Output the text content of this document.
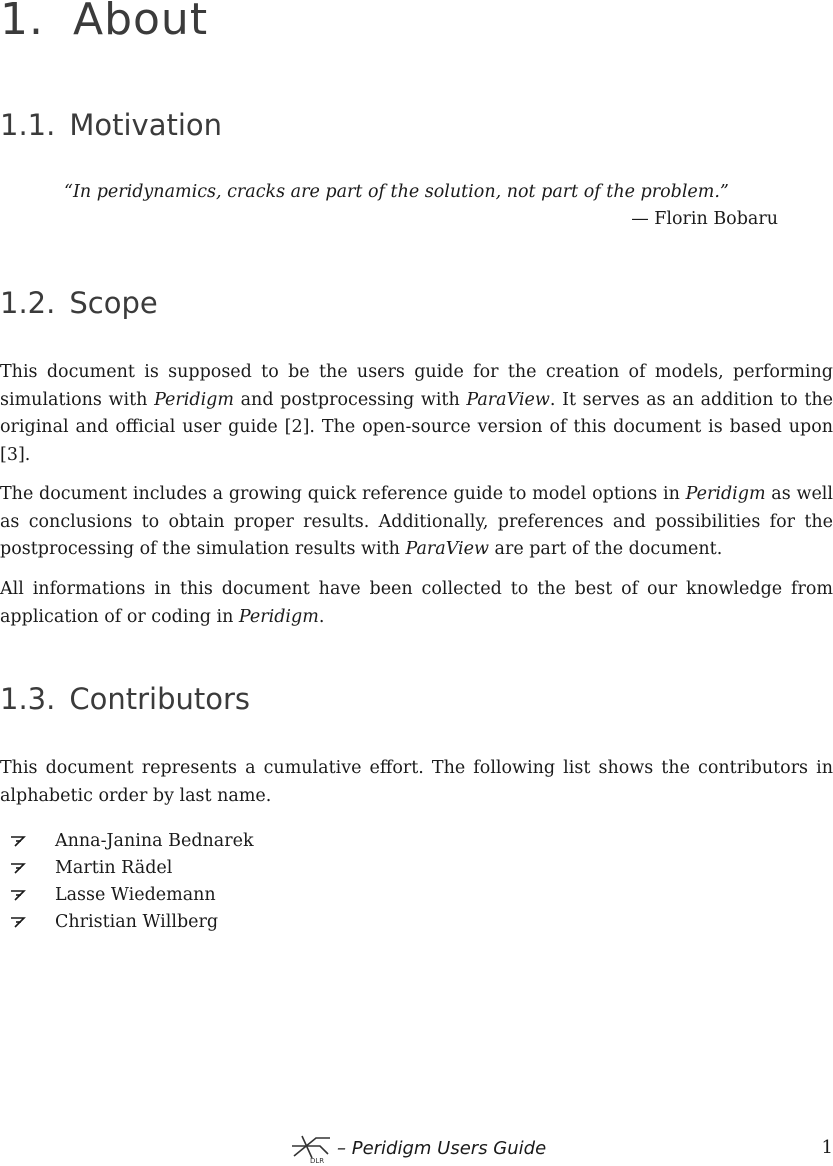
1. About
1.1. Motivation
“In peridynamics, cracks are part of the solution, not part of the problem.”
— Florin Bobaru
1.2. Scope

This document is supposed to be the users guide for the creation of models, performing simulations with Peridigm and postprocessing with ParaView. It serves as an addition to the original and official user guide [2]. The open-source version of this document is based upon [3].

The document includes a growing quick reference guide to model options in Peridigm as well as conclusions to obtain proper results. Additionally, preferences and possibilities for the postprocessing of the simulation results with ParaView are part of the document.

All informations in this document have been collected to the best of our knowledge from application of or coding in Peridigm.

1.3. Contributors

This document represents a cumulative effort. The following list shows the contributors in alphabetic order by last name.

Anna-Janina Bednarek
Martin Rädel
Lasse Wiedemann
Christian Willberg
DLR
– Peridigm Users Guide	1
